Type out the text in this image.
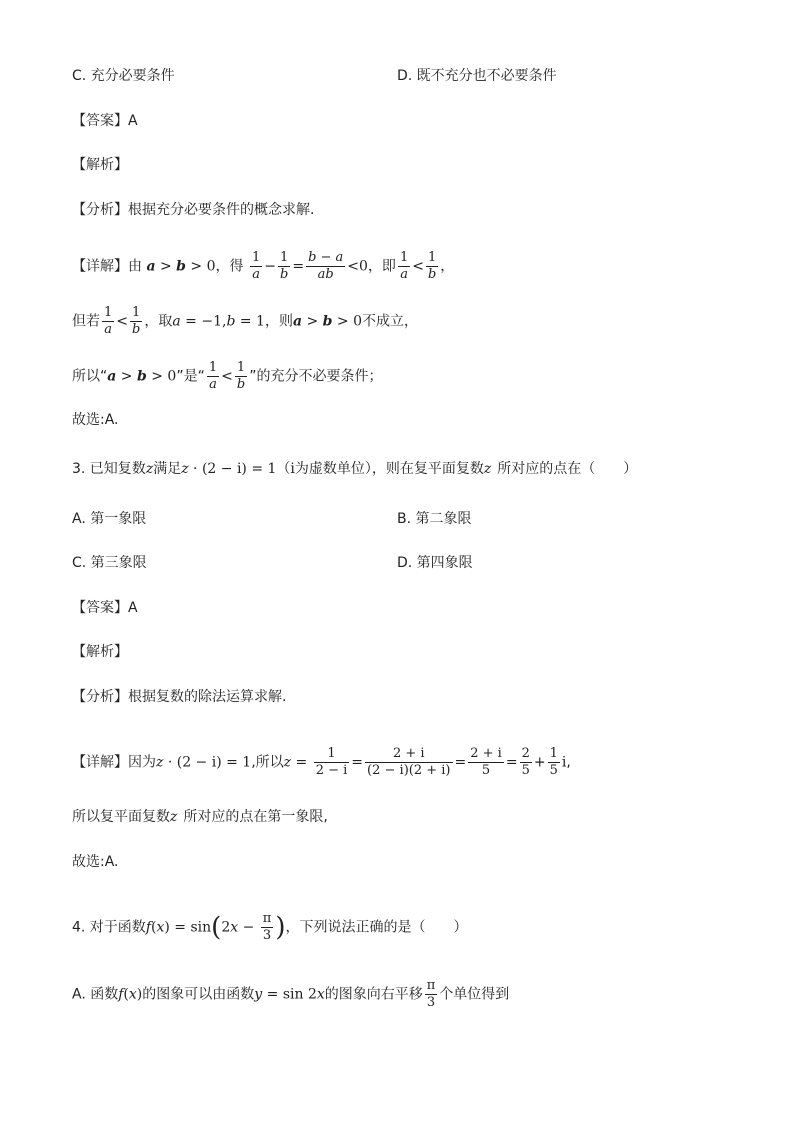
C. 充分必要条件	D. 既不充分也不必要条件
【答案】A
【解析】
【分析】根据充分必要条件的概念求解.
【详解】由 a > b > 0，得 $\frac{1}{a} - \frac{1}{b} = \frac{b - a}{ab} <0$，即 $\frac{1}{a} < \frac{1}{b}$ ，
但若 $\frac{1}{a} < \frac{1}{b}$ ，取a = −1,b = 1，则a > b > 0不成立，
所以“a > b > 0”是“ $\frac{1}{a} < \frac{1}{b}$ ”的充分不必要条件；
故选:A.
3. 已知复数z满足z · (2 − i) = 1（i为虚数单位），则在复平面复数z 所对应的点在（　　）
A. 第一象限	B. 第二象限
C. 第三象限	D. 第四象限
【答案】A
【解析】
【分析】根据复数的除法运算求解.
【详解】因为z · (2 − i) = 1,所以$z = \frac{1}{2 - i} = \frac{2 + i}{(2 - i)(2 + i)} = \frac{2 + i}{5} = \frac{2}{5} + \frac{1}{5} i$,
所以复平面复数z 所对应的点在第一象限,
故选:A.
4. 对于函数$f(x) = \sin(2x - \frac{\pi}{3}$ )，下列说法正确的是（　　）
A. 函数f(x)的图象可以由函数y = sin 2x的图象向右平移 $\frac{\pi}{3}$ 个单位得到
